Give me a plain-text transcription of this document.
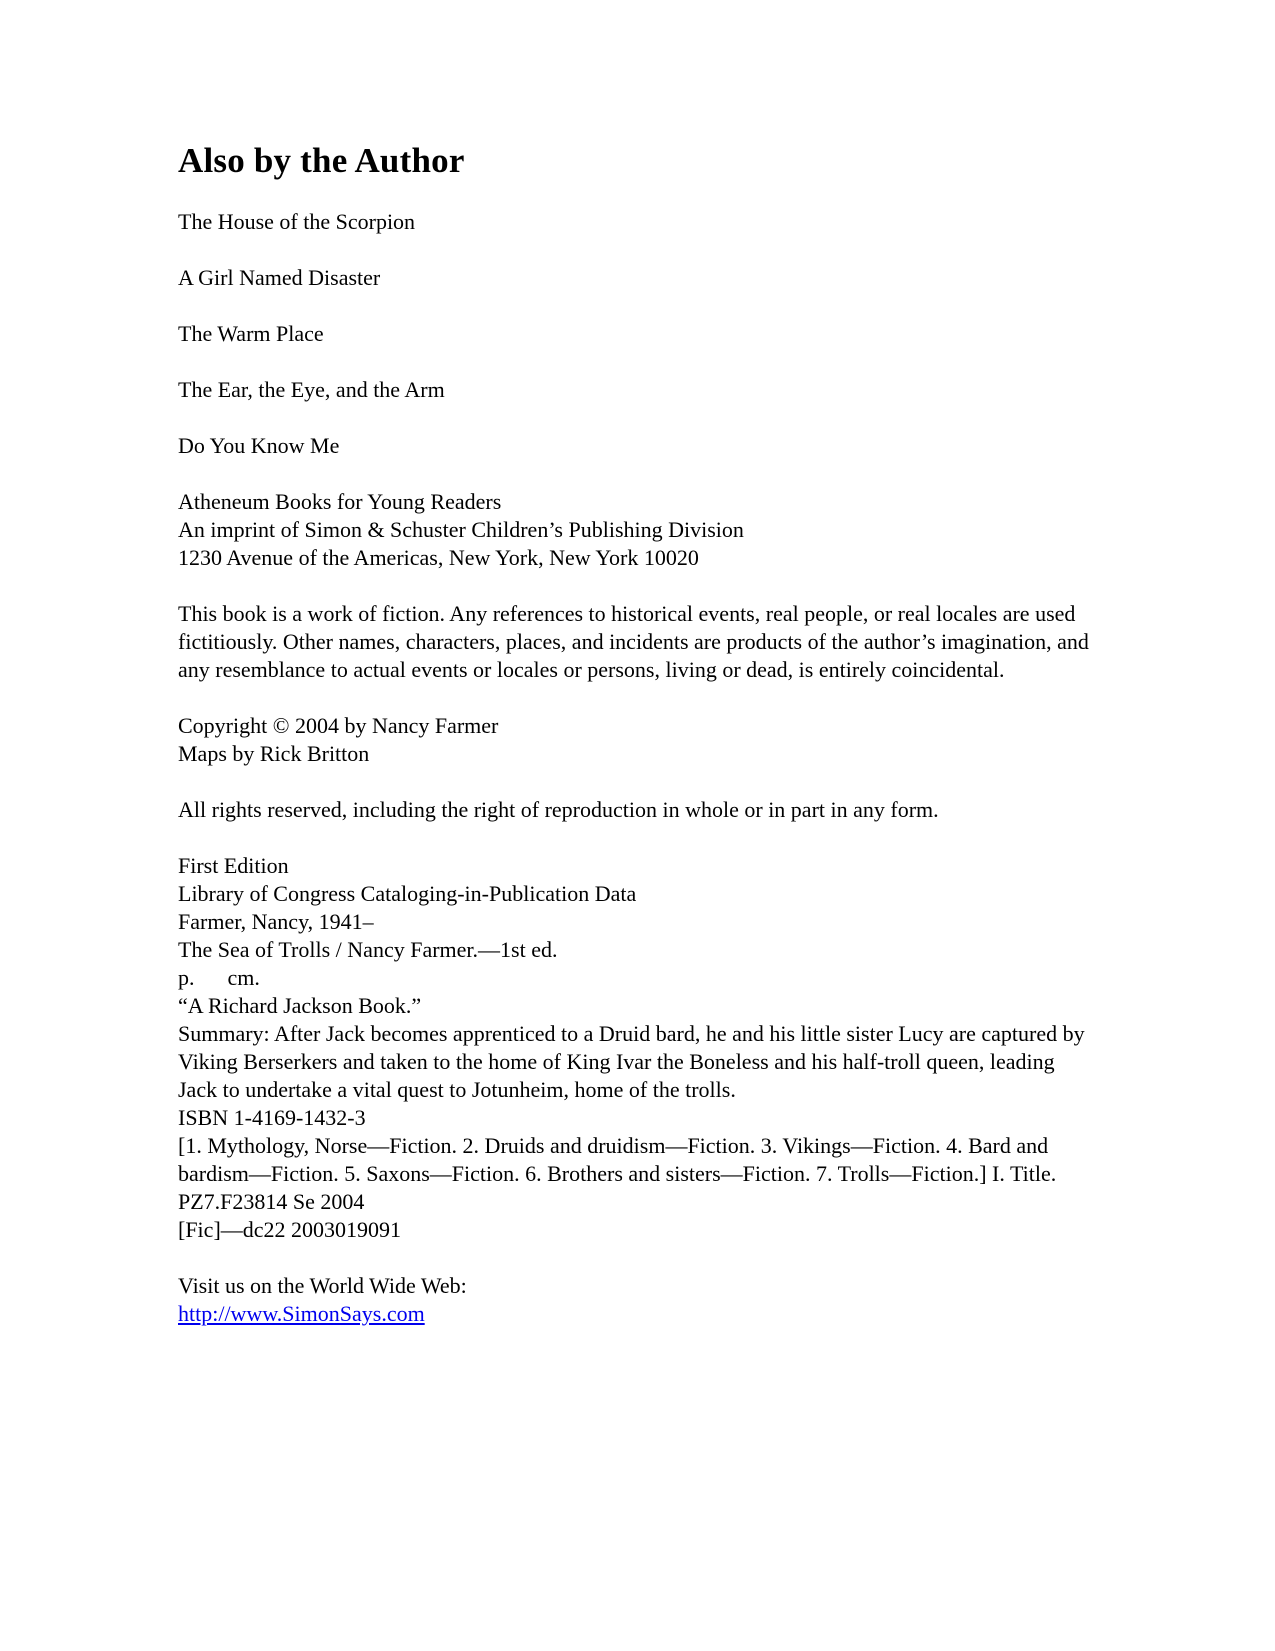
Also by the Author

The House of the Scorpion

A Girl Named Disaster

The Warm Place

The Ear, the Eye, and the Arm

Do You Know Me

Atheneum Books for Young Readers
An imprint of Simon & Schuster Children’s Publishing Division
1230 Avenue of the Americas, New York, New York 10020

This book is a work of fiction. Any references to historical events, real people, or real locales are used fictitiously. Other names, characters, places, and incidents are products of the author’s imagination, and any resemblance to actual events or locales or persons, living or dead, is entirely coincidental.

Copyright © 2004 by Nancy Farmer
Maps by Rick Britton

All rights reserved, including the right of reproduction in whole or in part in any form.

First Edition
Library of Congress Cataloging-in-Publication Data
Farmer, Nancy, 1941–
The Sea of Trolls / Nancy Farmer.—1st ed.
p.      cm.
“A Richard Jackson Book.”
Summary: After Jack becomes apprenticed to a Druid bard, he and his little sister Lucy are captured by Viking Berserkers and taken to the home of King Ivar the Boneless and his half-troll queen, leading Jack to undertake a vital quest to Jotunheim, home of the trolls.
ISBN 1-4169-1432-3
[1. Mythology, Norse—Fiction. 2. Druids and druidism—Fiction. 3. Vikings—Fiction. 4. Bard and bardism—Fiction. 5. Saxons—Fiction. 6. Brothers and sisters—Fiction. 7. Trolls—Fiction.] I. Title.
PZ7.F23814 Se 2004
[Fic]—dc22 2003019091
Visit us on the World Wide Web:
http://www.SimonSays.com
